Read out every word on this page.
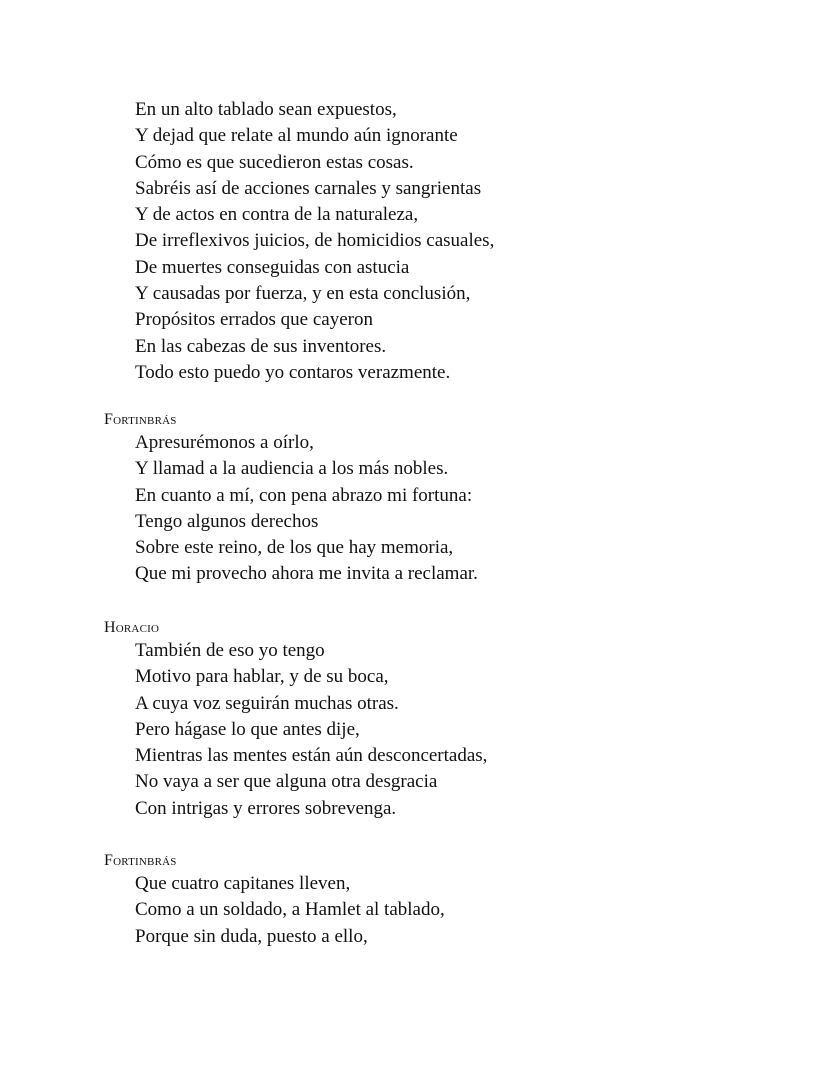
En un alto tablado sean expuestos,
Y dejad que relate al mundo aún ignorante
Cómo es que sucedieron estas cosas.
Sabréis así de acciones carnales y sangrientas
Y de actos en contra de la naturaleza,
De irreflexivos juicios, de homicidios casuales,
De muertes conseguidas con astucia
Y causadas por fuerza, y en esta conclusión,
Propósitos errados que cayeron
En las cabezas de sus inventores.
Todo esto puedo yo contaros verazmente.
Fortinbrás
Apresurémonos a oírlo,
Y llamad a la audiencia a los más nobles.
En cuanto a mí, con pena abrazo mi fortuna:
Tengo algunos derechos
Sobre este reino, de los que hay memoria,
Que mi provecho ahora me invita a reclamar.
Horacio
También de eso yo tengo
Motivo para hablar, y de su boca,
A cuya voz seguirán muchas otras.
Pero hágase lo que antes dije,
Mientras las mentes están aún desconcertadas,
No vaya a ser que alguna otra desgracia
Con intrigas y errores sobrevenga.
Fortinbrás
Que cuatro capitanes lleven,
Como a un soldado, a Hamlet al tablado,
Porque sin duda, puesto a ello,
